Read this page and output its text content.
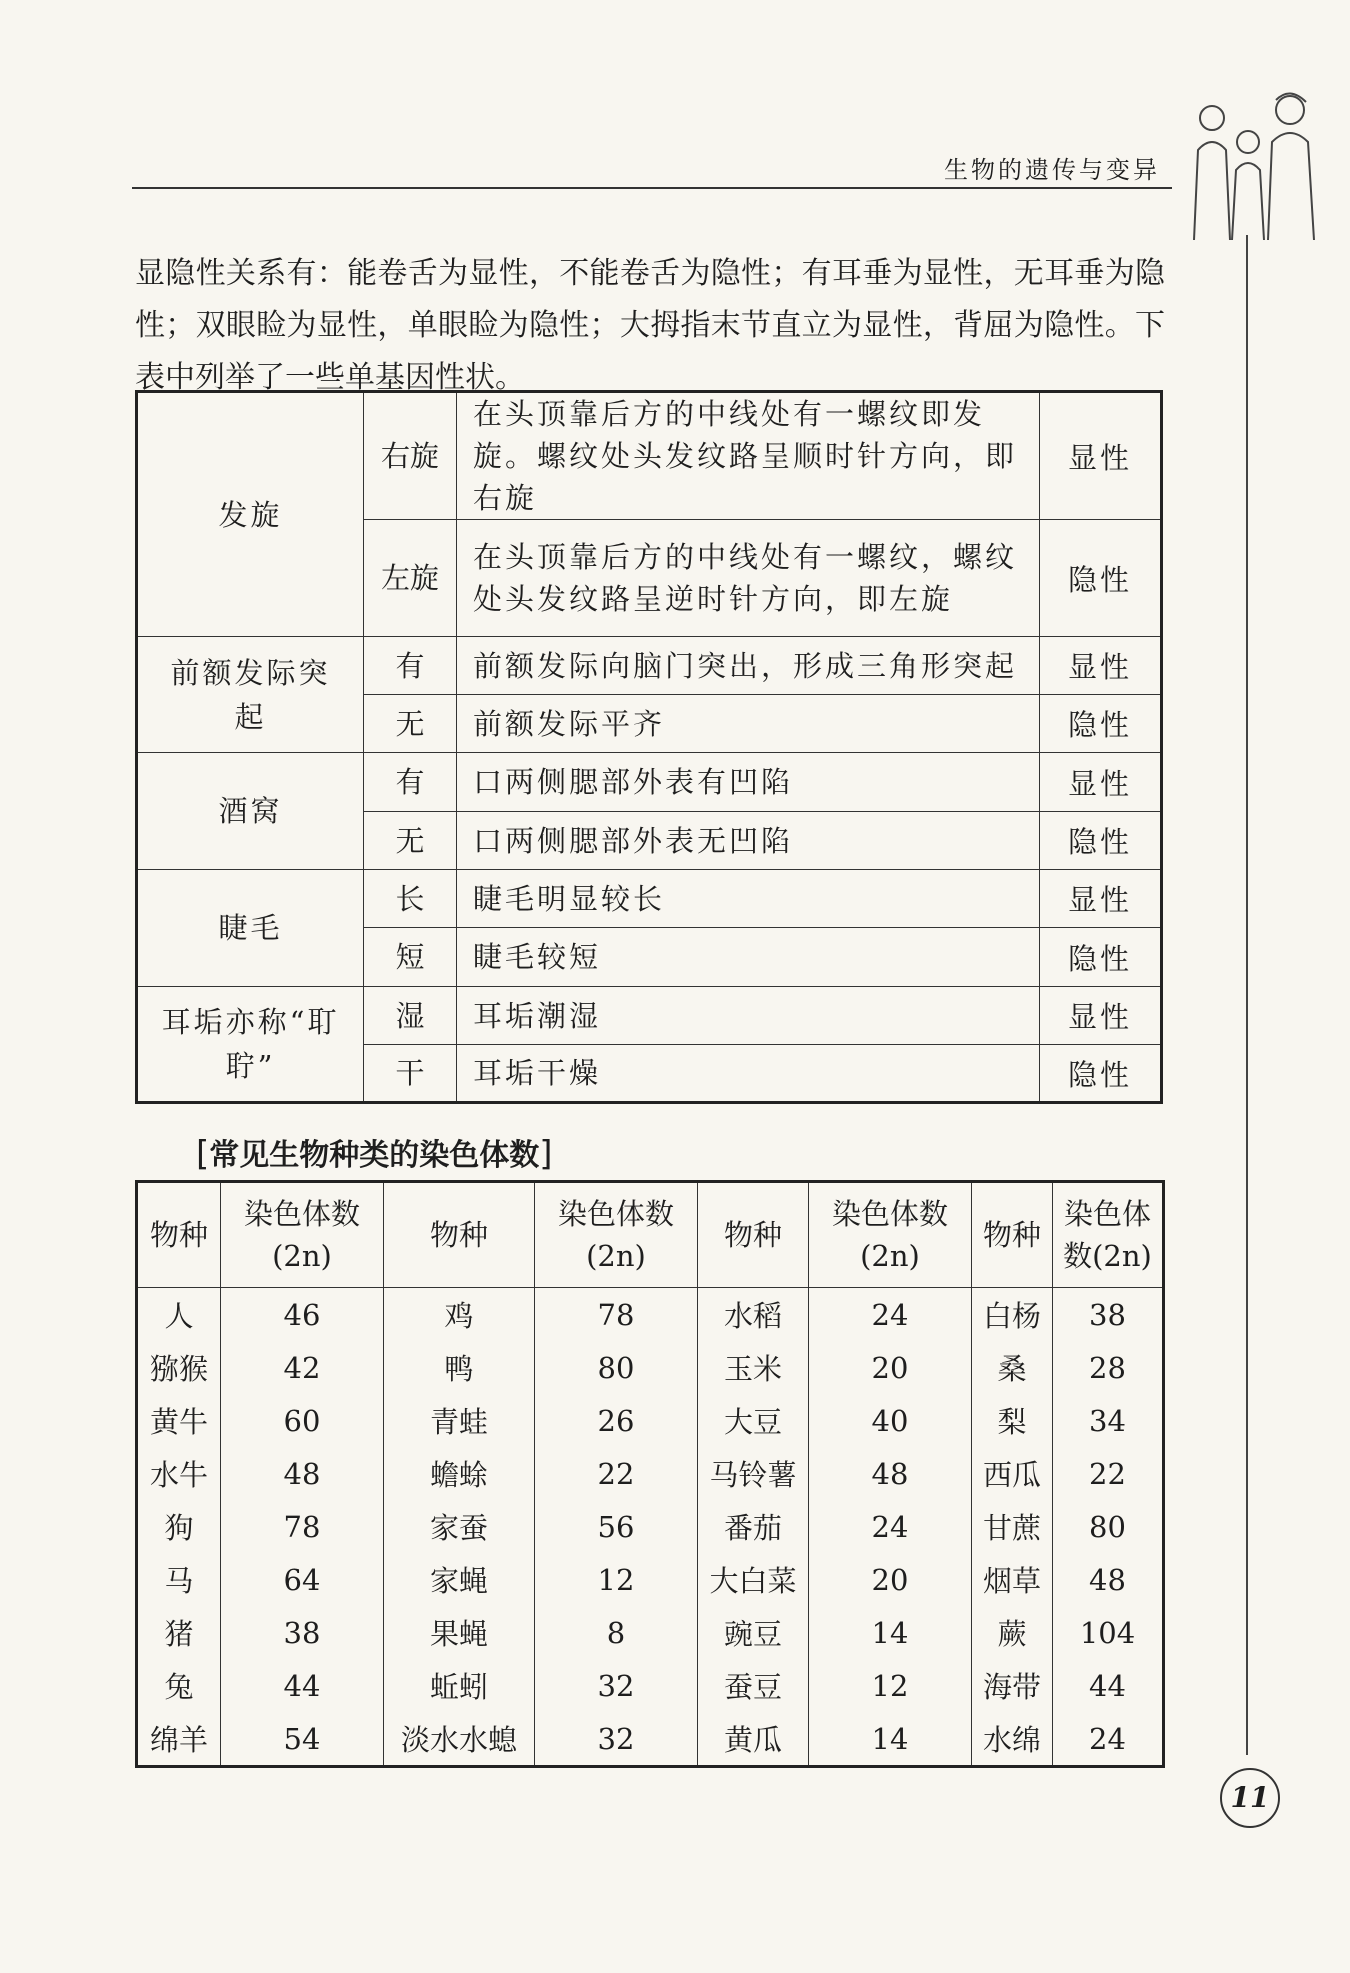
生物的遗传与变异

显隐性关系有：能卷舌为显性，不能卷舌为隐性；有耳垂为显性，无耳垂为隐性；双眼睑为显性，单眼睑为隐性；大拇指末节直立为显性，背屈为隐性。下表中列举了一些单基因性状。

发旋	右旋	在头顶靠后方的中线处有一螺纹即发旋。螺纹处头发纹路呈顺时针方向，即右旋	显性
	左旋	在头顶靠后方的中线处有一螺纹，螺纹处头发纹路呈逆时针方向，即左旋	隐性
前额发际突起	有	前额发际向脑门突出，形成三角形突起	显性
	无	前额发际平齐	隐性
酒窝	有	口两侧腮部外表有凹陷	显性
	无	口两侧腮部外表无凹陷	隐性
睫毛	长	睫毛明显较长	显性
	短	睫毛较短	隐性
耳垢亦称“耵聍”	湿	耳垢潮湿	显性
	干	耳垢干燥	隐性
[常见生物种类的染色体数]
物种	染色体数(2n)	物种	染色体数(2n)	物种	染色体数(2n)	物种	染色体数(2n)
人	46	鸡	78	水稻	24	白杨	38
猕猴	42	鸭	80	玉米	20	桑	28
黄牛	60	青蛙	26	大豆	40	梨	34
水牛	48	蟾蜍	22	马铃薯	48	西瓜	22
狗	78	家蚕	56	番茄	24	甘蔗	80
马	64	家蝇	12	大白菜	20	烟草	48
猪	38	果蝇	8	豌豆	14	蕨	104
兔	44	蚯蚓	32	蚕豆	12	海带	44
绵羊	54	淡水水螅	32	黄瓜	14	水绵	24
11
